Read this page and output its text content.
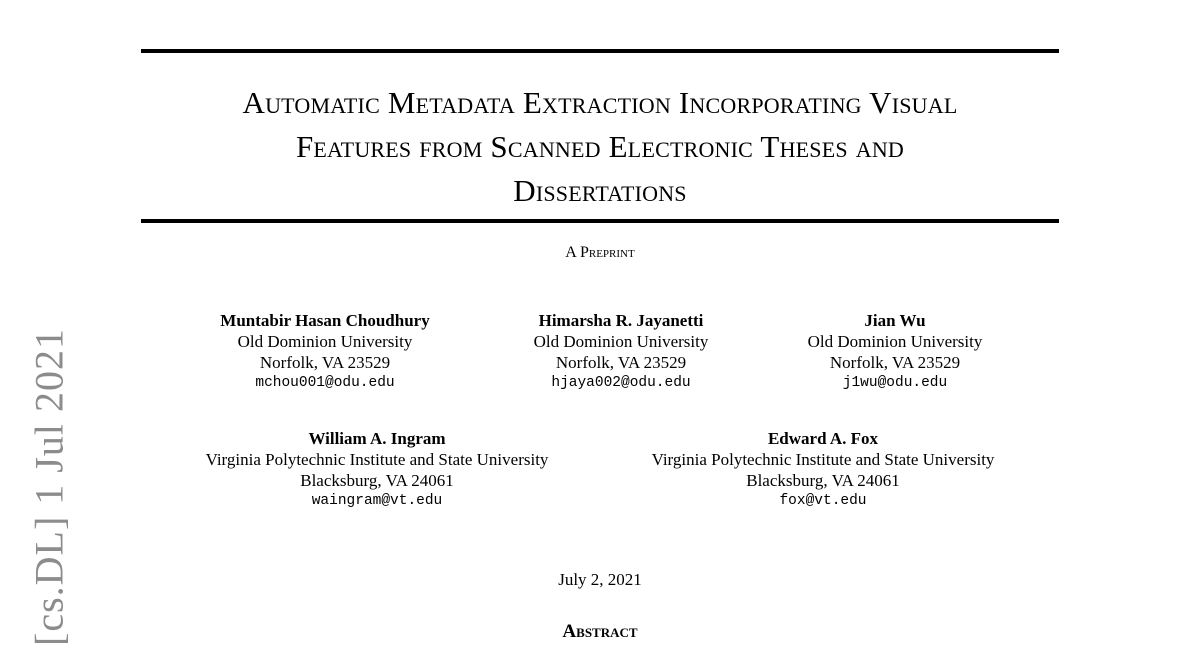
Automatic Metadata Extraction Incorporating Visual
Features from Scanned Electronic Theses and
Dissertations
A Preprint
Muntabir Hasan Choudhury
Old Dominion University
Norfolk, VA 23529
mchou001@odu.edu
Himarsha R. Jayanetti
Old Dominion University
Norfolk, VA 23529
hjaya002@odu.edu
Jian Wu
Old Dominion University
Norfolk, VA 23529
j1wu@odu.edu
William A. Ingram
Virginia Polytechnic Institute and State University
Blacksburg, VA 24061
waingram@vt.edu
Edward A. Fox
Virginia Polytechnic Institute and State University
Blacksburg, VA 24061
fox@vt.edu
July 2, 2021
Abstract
[cs.DL] 1 Jul 2021
